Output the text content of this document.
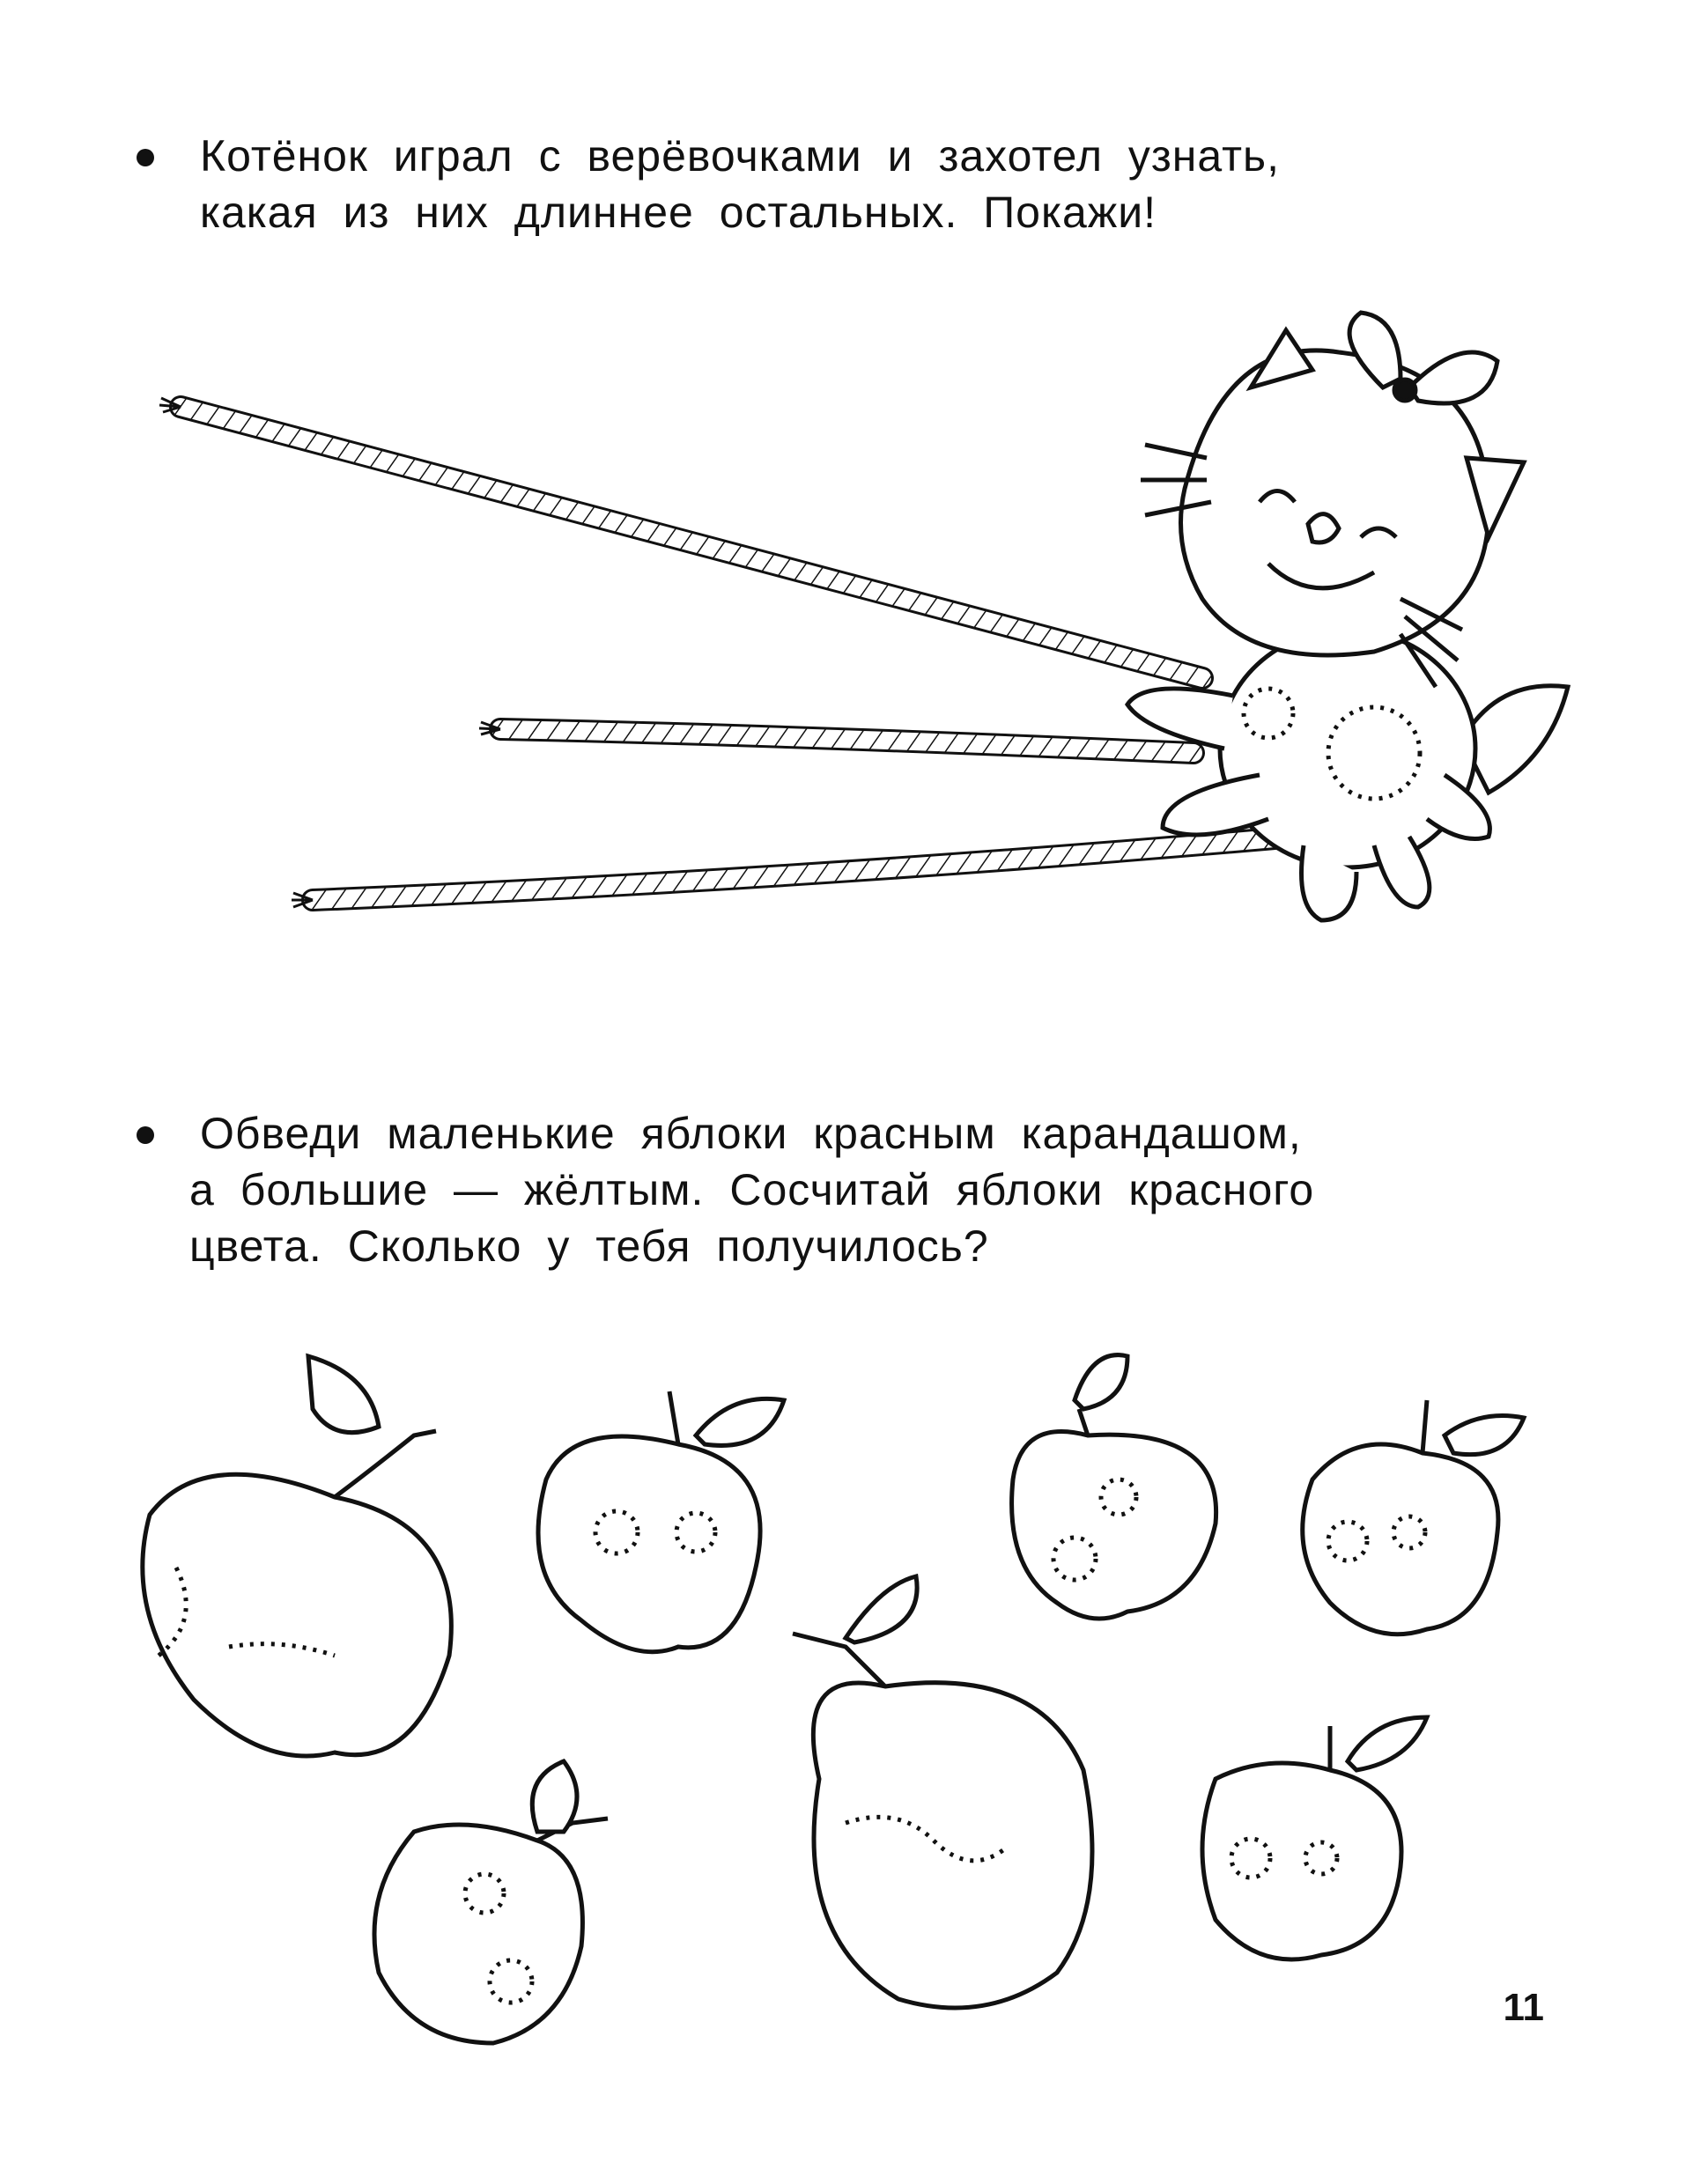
Котёнок играл с верёвочками и захотел узнать,

какая из них длиннее остальных. Покажи!

Обведи маленькие яблоки красным карандашом,

а большие — жёлтым. Сосчитай яблоки красного

цвета. Сколько у тебя получилось?

11
